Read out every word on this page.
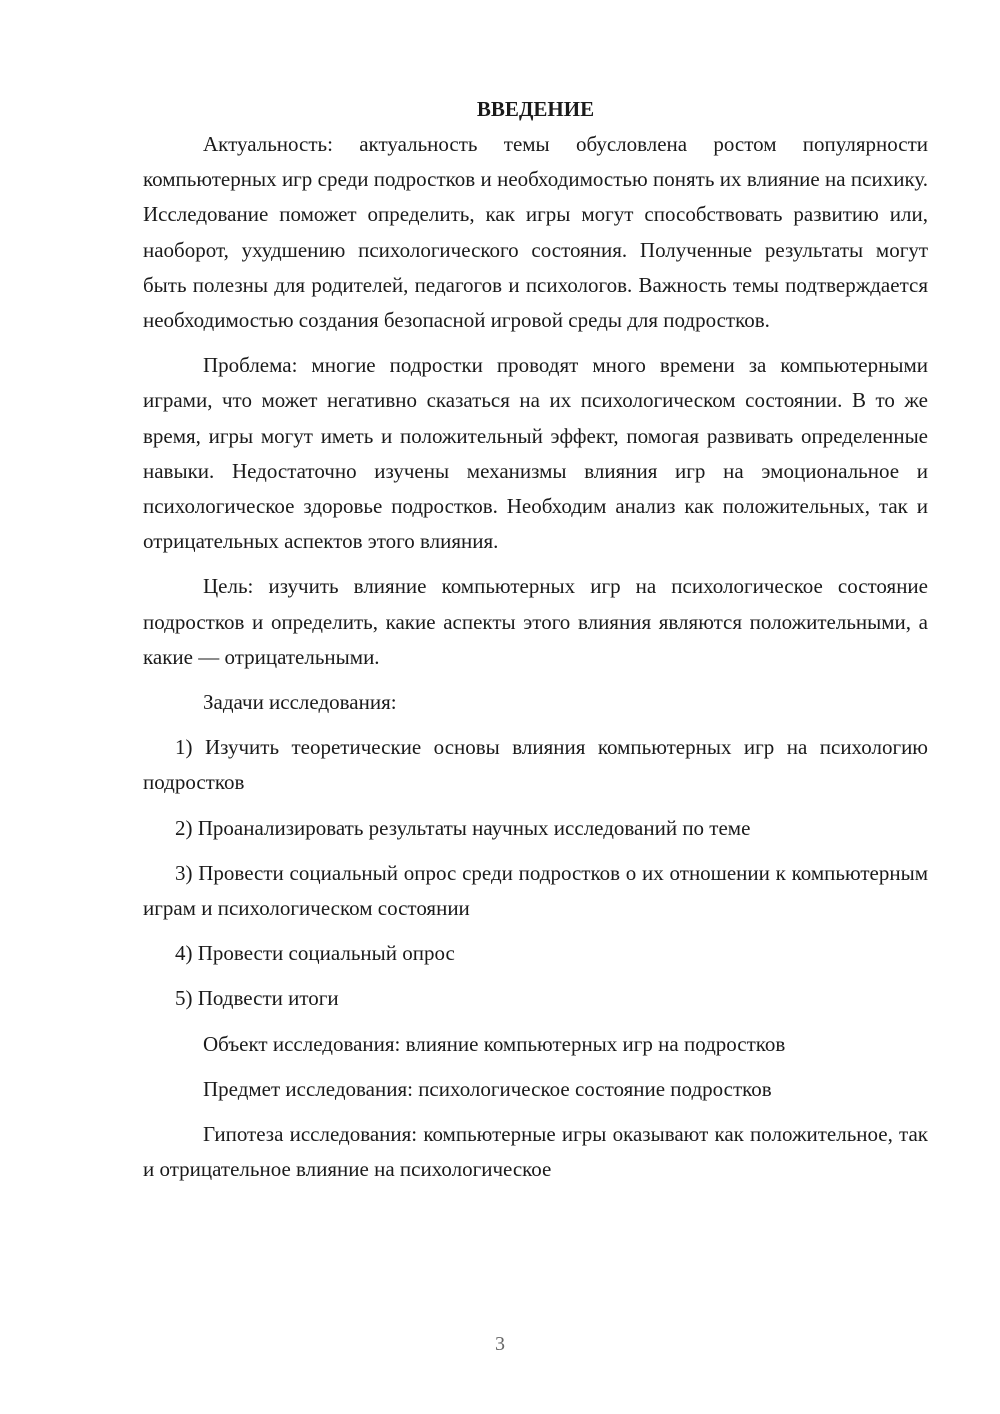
ВВЕДЕНИЕ

Актуальность: актуальность темы обусловлена ростом популярности компьютерных игр среди подростков и необходимостью понять их влияние на психику. Исследование поможет определить, как игры могут способствовать развитию или, наоборот, ухудшению психологического состояния. Полученные результаты могут быть полезны для родителей, педагогов и психологов. Важность темы подтверждается необходимостью создания безопасной игровой среды для подростков.

Проблема: многие подростки проводят много времени за компьютерными играми, что может негативно сказаться на их психологическом состоянии. В то же время, игры могут иметь и положительный эффект, помогая развивать определенные навыки. Недостаточно изучены механизмы влияния игр на эмоциональное и психологическое здоровье подростков. Необходим анализ как положительных, так и отрицательных аспектов этого влияния.

Цель: изучить влияние компьютерных игр на психологическое состояние подростков и определить, какие аспекты этого влияния являются положительными, а какие — отрицательными.

Задачи исследования:

1) Изучить теоретические основы влияния компьютерных игр на психологию подростков

2) Проанализировать результаты научных исследований по теме

3) Провести социальный опрос среди подростков о их отношении к компьютерным играм и психологическом состоянии

4) Провести социальный опрос

5) Подвести итоги

Объект исследования: влияние компьютерных игр на подростков

Предмет исследования: психологическое состояние подростков

Гипотеза исследования: компьютерные игры оказывают как положительное, так и отрицательное влияние на психологическое

3
